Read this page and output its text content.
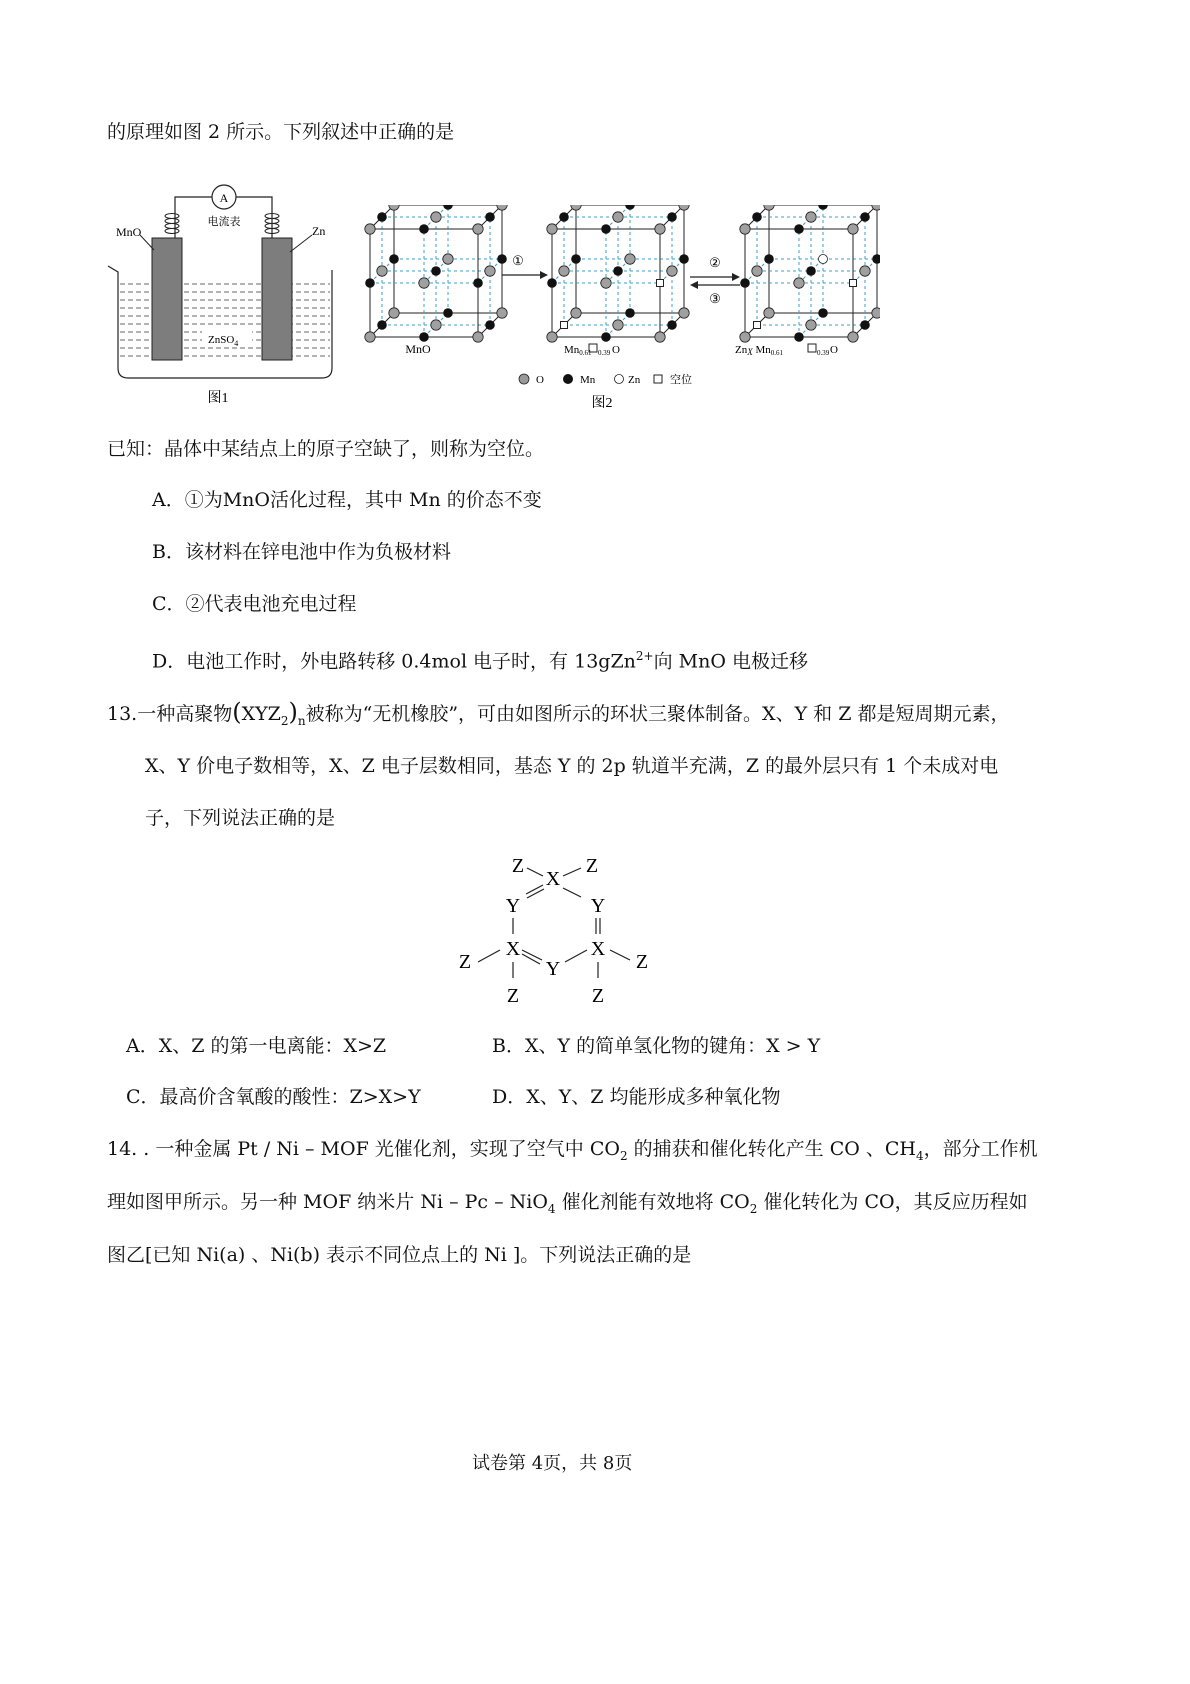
的原理如图 2 所示。下列叙述中正确的是
A
电流表
MnO	Zn
ZnSO$_4$
图1
①	②
③
MnO	Mn0.61 0.39 O	ZnX Mn0.61	0.39 O
O	Mn	Zn	空位
图2
已知：晶体中某结点上的原子空缺了，则称为空位。
A．①为MnO活化过程，其中 Mn 的价态不变
B．该材料在锌电池中作为负极材料
C．②代表电池充电过程
D．电池工作时，外电路转移 0.4mol 电子时，有 13gZn$^{2+}$向 MnO 电极迁移
13.一种高聚物$(XYZ_2)_n$被称为“无机橡胶”，可由如图所示的环状三聚体制备。X、Y 和 Z 都是短周期元素，
X、Y 价电子数相等，X、Z 电子层数相同，基态 Y 的 2p 轨道半充满，Z 的最外层只有 1 个未成对电
子，下列说法正确的是
X
Z	Z
Y	Y
X	X
Z	Z
Y
Z	Z
A．X、Z 的第一电离能：X>Z	B．X、Y 的简单氢化物的键角：X > Y
C．最高价含氧酸的酸性：Z>X>Y	D．X、Y、Z 均能形成多种氧化物
14. . 一种金属 Pt / Ni – MOF 光催化剂，实现了空气中 $CO_2$ 的捕获和催化转化产生 CO 、$CH_4$，部分工作机
理如图甲所示。另一种 MOF 纳米片 Ni – Pc – NiO$_4$ 催化剂能有效地将 $CO_2$ 催化转化为 CO，其反应历程如
图乙[已知 Ni(a) 、Ni(b) 表示不同位点上的 Ni ]。下列说法正确的是
试卷第 4页，共 8页
